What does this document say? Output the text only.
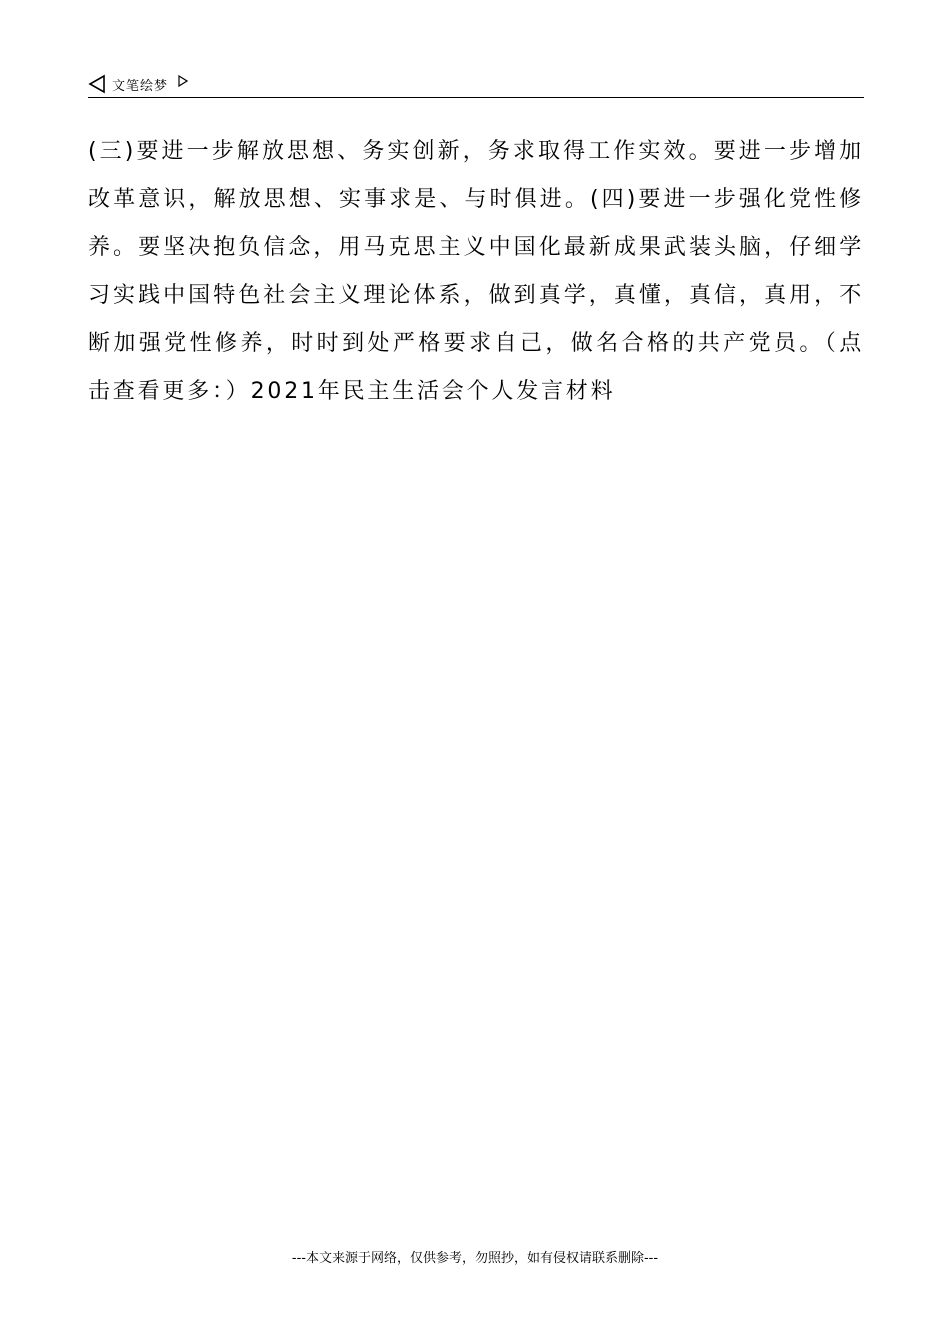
文笔绘梦

(三)要进一步解放思想、务实创新，务求取得工作实效。要进一步增加改革意识，解放思想、实事求是、与时俱进。(四)要进一步强化党性修养。要坚决抱负信念，用马克思主义中国化最新成果武装头脑，仔细学习实践中国特色社会主义理论体系，做到真学，真懂，真信，真用，不断加强党性修养，时时到处严格要求自己，做名合格的共产党员。（点击查看更多：）2021年民主生活会个人发言材料

---本文来源于网络，仅供参考，勿照抄，如有侵权请联系删除---
